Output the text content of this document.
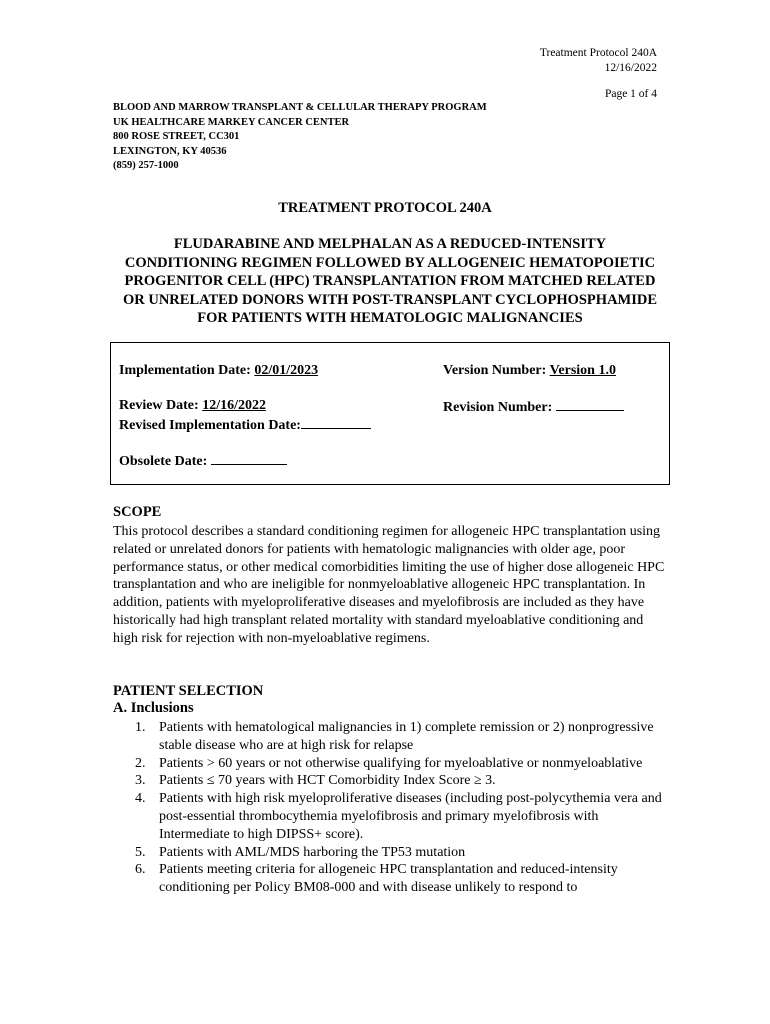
Treatment Protocol 240A
12/16/2022
Page 1 of 4
BLOOD AND MARROW TRANSPLANT & CELLULAR THERAPY PROGRAM
UK HEALTHCARE MARKEY CANCER CENTER
800 ROSE STREET, CC301
LEXINGTON, KY 40536
(859) 257-1000
TREATMENT PROTOCOL 240A
FLUDARABINE AND MELPHALAN AS A REDUCED-INTENSITY
CONDITIONING REGIMEN FOLLOWED BY ALLOGENEIC HEMATOPOIETIC
PROGENITOR CELL (HPC) TRANSPLANTATION FROM MATCHED RELATED
OR UNRELATED DONORS WITH POST-TRANSPLANT CYCLOPHOSPHAMIDE
FOR PATIENTS WITH HEMATOLOGIC MALIGNANCIES
Implementation Date: 02/01/2023	Version Number: Version 1.0
Review Date: 12/16/2022	Revision Number:
Revised Implementation Date:
Obsolete Date:
SCOPE
This protocol describes a standard conditioning regimen for allogeneic HPC transplantation using related or unrelated donors for patients with hematologic malignancies with older age, poor performance status, or other medical comorbidities limiting the use of higher dose allogeneic HPC transplantation and who are ineligible for nonmyeloablative allogeneic HPC transplantation. In addition, patients with myeloproliferative diseases and myelofibrosis are included as they have historically had high transplant related mortality with standard myeloablative conditioning and high risk for rejection with non-myeloablative regimens.
PATIENT SELECTION
A. Inclusions
1. Patients with hematological malignancies in 1) complete remission or 2) nonprogressive stable disease who are at high risk for relapse
2. Patients > 60 years or not otherwise qualifying for myeloablative or nonmyeloablative
3. Patients ≤ 70 years with HCT Comorbidity Index Score ≥ 3.
4. Patients with high risk myeloproliferative diseases (including post-polycythemia vera and post-essential thrombocythemia myelofibrosis and primary myelofibrosis with Intermediate to high DIPSS+ score).
5. Patients with AML/MDS harboring the TP53 mutation
6. Patients meeting criteria for allogeneic HPC transplantation and reduced-intensity conditioning per Policy BM08-000 and with disease unlikely to respond to
